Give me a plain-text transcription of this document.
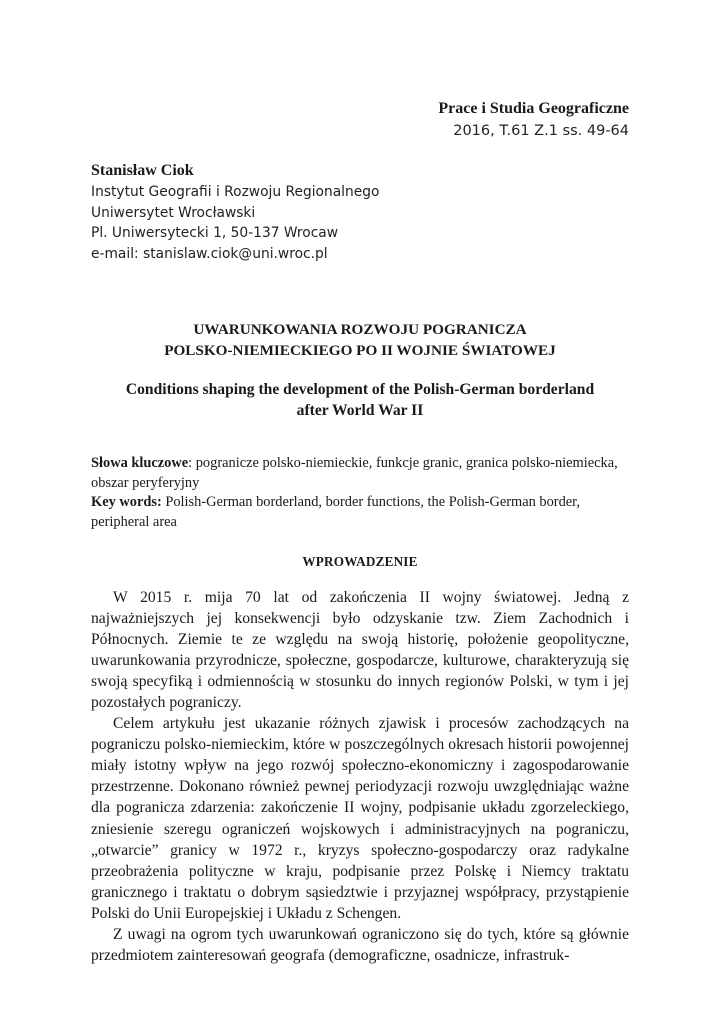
Prace i Studia Geograficzne
2016, T.61 Z.1 ss. 49-64
Stanisław Ciok
Instytut Geografii i Rozwoju Regionalnego
Uniwersytet Wrocławski
Pl. Uniwersytecki 1, 50-137 Wrocaw
e-mail: stanislaw.ciok@uni.wroc.pl
UWARUNKOWANIA ROZWOJU POGRANICZA
POLSKO-NIEMIECKIEGO PO II WOJNIE ŚWIATOWEJ
Conditions shaping the development of the Polish-German borderland
after World War II
Słowa kluczowe: pogranicze polsko-niemieckie, funkcje granic, granica polsko-niemiecka, obszar peryferyjny
Key words: Polish-German borderland, border functions, the Polish-German border, peripheral area
WPROWADZENIE

W 2015 r. mija 70 lat od zakończenia II wojny światowej. Jedną z najważniejszych jej konsekwencji było odzyskanie tzw. Ziem Zachodnich i Północnych. Ziemie te ze względu na swoją historię, położenie geopolityczne, uwarunkowania przyrodnicze, społeczne, gospodarcze, kulturowe, charakteryzują się swoją specyfiką i odmiennością w stosunku do innych regionów Polski, w tym i jej pozostałych pograniczy.

Celem artykułu jest ukazanie różnych zjawisk i procesów zachodzących na pograniczu polsko-niemieckim, które w poszczególnych okresach historii powojennej miały istotny wpływ na jego rozwój społeczno-ekonomiczny i zagospodarowanie przestrzenne. Dokonano również pewnej periodyzacji rozwoju uwzględniając ważne dla pogranicza zdarzenia: zakończenie II wojny, podpisanie układu zgorzeleckiego, zniesienie szeregu ograniczeń wojskowych i administracyjnych na pograniczu, „otwarcie” granicy w 1972 r., kryzys społeczno-gospodarczy oraz radykalne przeobrażenia polityczne w kraju, podpisanie przez Polskę i Niemcy traktatu granicznego i traktatu o dobrym sąsiedztwie i przyjaznej współpracy, przystąpienie Polski do Unii Europejskiej i Układu z Schengen.

Z uwagi na ogrom tych uwarunkowań ograniczono się do tych, które są głównie przedmiotem zainteresowań geografa (demograficzne, osadnicze, infrastruk-
